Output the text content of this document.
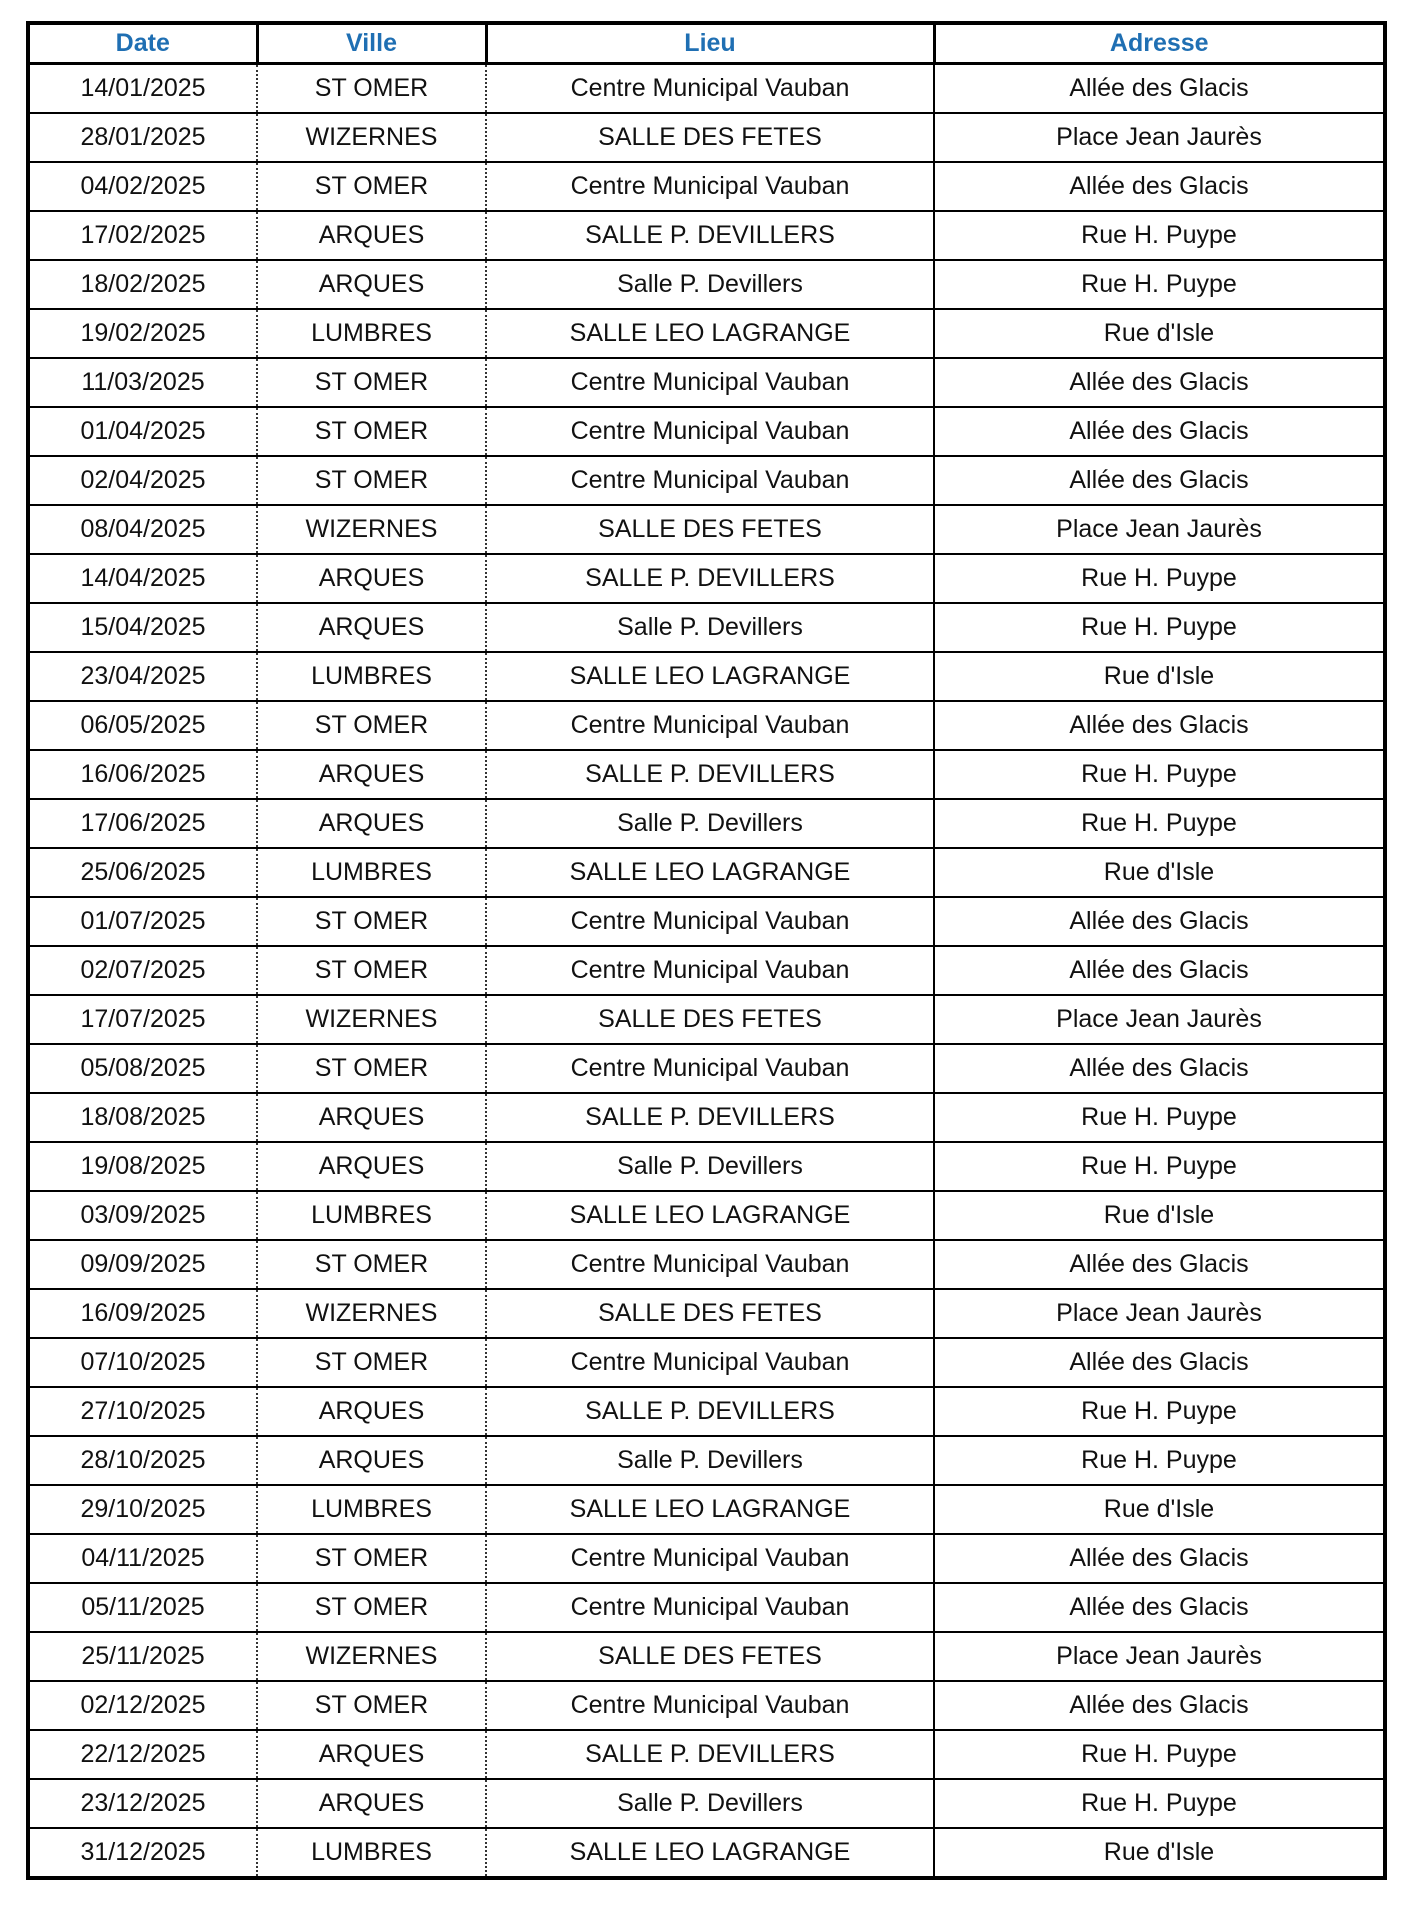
Date	Ville	Lieu	Adresse
14/01/2025	ST OMER	Centre Municipal Vauban	Allée des Glacis
28/01/2025	WIZERNES	SALLE DES FETES	Place Jean Jaurès
04/02/2025	ST OMER	Centre Municipal Vauban	Allée des Glacis
17/02/2025	ARQUES	SALLE P. DEVILLERS	Rue H. Puype
18/02/2025	ARQUES	Salle P. Devillers	Rue H. Puype
19/02/2025	LUMBRES	SALLE LEO LAGRANGE	Rue d'Isle
11/03/2025	ST OMER	Centre Municipal Vauban	Allée des Glacis
01/04/2025	ST OMER	Centre Municipal Vauban	Allée des Glacis
02/04/2025	ST OMER	Centre Municipal Vauban	Allée des Glacis
08/04/2025	WIZERNES	SALLE DES FETES	Place Jean Jaurès
14/04/2025	ARQUES	SALLE P. DEVILLERS	Rue H. Puype
15/04/2025	ARQUES	Salle P. Devillers	Rue H. Puype
23/04/2025	LUMBRES	SALLE LEO LAGRANGE	Rue d'Isle
06/05/2025	ST OMER	Centre Municipal Vauban	Allée des Glacis
16/06/2025	ARQUES	SALLE P. DEVILLERS	Rue H. Puype
17/06/2025	ARQUES	Salle P. Devillers	Rue H. Puype
25/06/2025	LUMBRES	SALLE LEO LAGRANGE	Rue d'Isle
01/07/2025	ST OMER	Centre Municipal Vauban	Allée des Glacis
02/07/2025	ST OMER	Centre Municipal Vauban	Allée des Glacis
17/07/2025	WIZERNES	SALLE DES FETES	Place Jean Jaurès
05/08/2025	ST OMER	Centre Municipal Vauban	Allée des Glacis
18/08/2025	ARQUES	SALLE P. DEVILLERS	Rue H. Puype
19/08/2025	ARQUES	Salle P. Devillers	Rue H. Puype
03/09/2025	LUMBRES	SALLE LEO LAGRANGE	Rue d'Isle
09/09/2025	ST OMER	Centre Municipal Vauban	Allée des Glacis
16/09/2025	WIZERNES	SALLE DES FETES	Place Jean Jaurès
07/10/2025	ST OMER	Centre Municipal Vauban	Allée des Glacis
27/10/2025	ARQUES	SALLE P. DEVILLERS	Rue H. Puype
28/10/2025	ARQUES	Salle P. Devillers	Rue H. Puype
29/10/2025	LUMBRES	SALLE LEO LAGRANGE	Rue d'Isle
04/11/2025	ST OMER	Centre Municipal Vauban	Allée des Glacis
05/11/2025	ST OMER	Centre Municipal Vauban	Allée des Glacis
25/11/2025	WIZERNES	SALLE DES FETES	Place Jean Jaurès
02/12/2025	ST OMER	Centre Municipal Vauban	Allée des Glacis
22/12/2025	ARQUES	SALLE P. DEVILLERS	Rue H. Puype
23/12/2025	ARQUES	Salle P. Devillers	Rue H. Puype
31/12/2025	LUMBRES	SALLE LEO LAGRANGE	Rue d'Isle
